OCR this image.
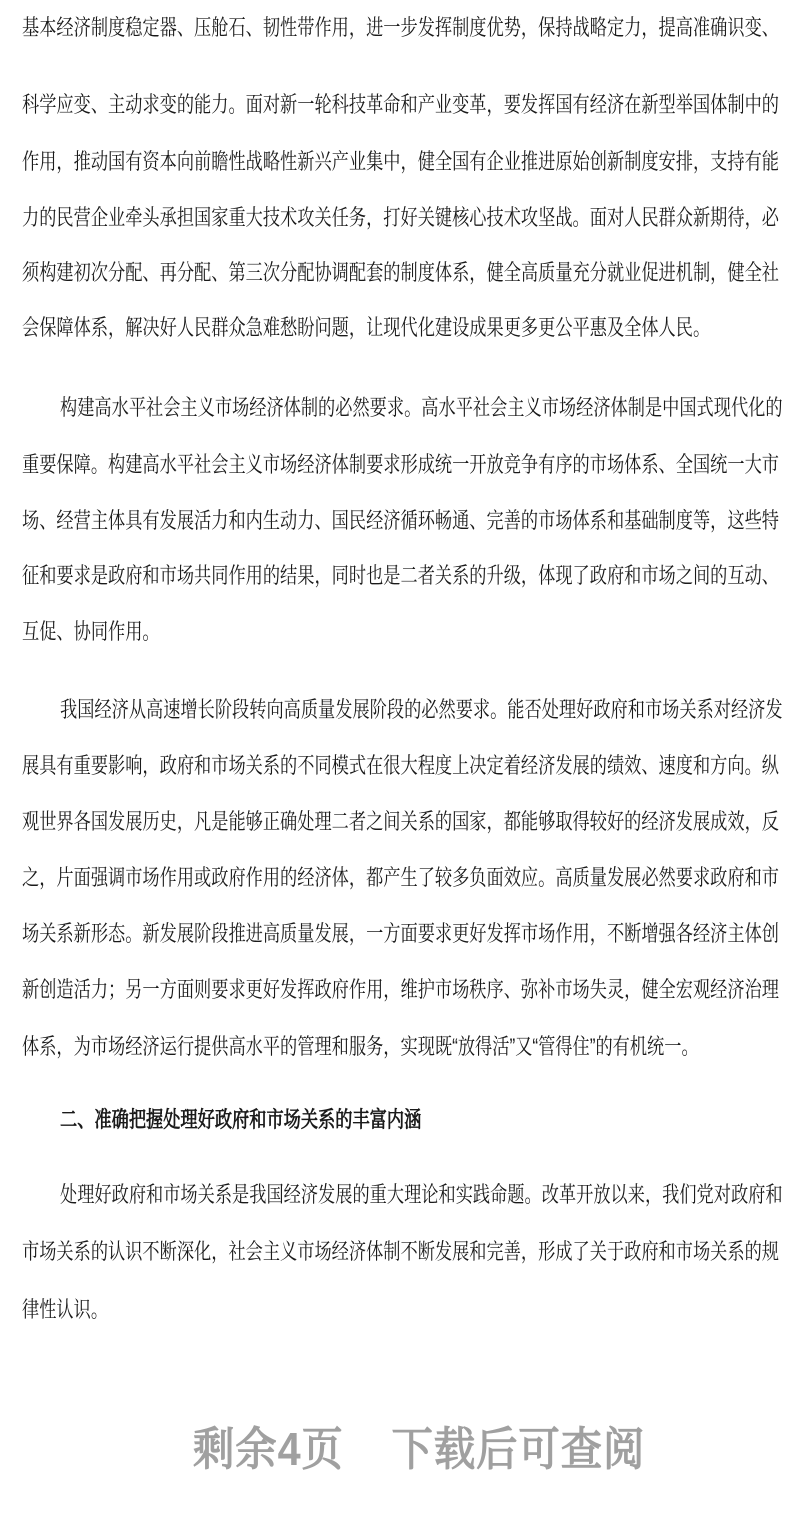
基本经济制度稳定器、压舱石、韧性带作用，进一步发挥制度优势，保持战略定力，提高准确识变、
科学应变、主动求变的能力。面对新一轮科技革命和产业变革，要发挥国有经济在新型举国体制中的
作用，推动国有资本向前瞻性战略性新兴产业集中，健全国有企业推进原始创新制度安排，支持有能
力的民营企业牵头承担国家重大技术攻关任务，打好关键核心技术攻坚战。面对人民群众新期待，必
须构建初次分配、再分配、第三次分配协调配套的制度体系，健全高质量充分就业促进机制，健全社
会保障体系，解决好人民群众急难愁盼问题，让现代化建设成果更多更公平惠及全体人民。
构建高水平社会主义市场经济体制的必然要求。高水平社会主义市场经济体制是中国式现代化的
重要保障。构建高水平社会主义市场经济体制要求形成统一开放竞争有序的市场体系、全国统一大市
场、经营主体具有发展活力和内生动力、国民经济循环畅通、完善的市场体系和基础制度等，这些特
征和要求是政府和市场共同作用的结果，同时也是二者关系的升级，体现了政府和市场之间的互动、
互促、协同作用。
我国经济从高速增长阶段转向高质量发展阶段的必然要求。能否处理好政府和市场关系对经济发
展具有重要影响，政府和市场关系的不同模式在很大程度上决定着经济发展的绩效、速度和方向。纵
观世界各国发展历史，凡是能够正确处理二者之间关系的国家，都能够取得较好的经济发展成效，反
之，片面强调市场作用或政府作用的经济体，都产生了较多负面效应。高质量发展必然要求政府和市
场关系新形态。新发展阶段推进高质量发展，一方面要求更好发挥市场作用，不断增强各经济主体创
新创造活力；另一方面则要求更好发挥政府作用，维护市场秩序、弥补市场失灵，健全宏观经济治理
体系，为市场经济运行提供高水平的管理和服务，实现既“放得活”又“管得住”的有机统一。
二、准确把握处理好政府和市场关系的丰富内涵
处理好政府和市场关系是我国经济发展的重大理论和实践命题。改革开放以来，我们党对政府和
市场关系的认识不断深化，社会主义市场经济体制不断发展和完善，形成了关于政府和市场关系的规
律性认识。
剩余4页 下载后可查阅
